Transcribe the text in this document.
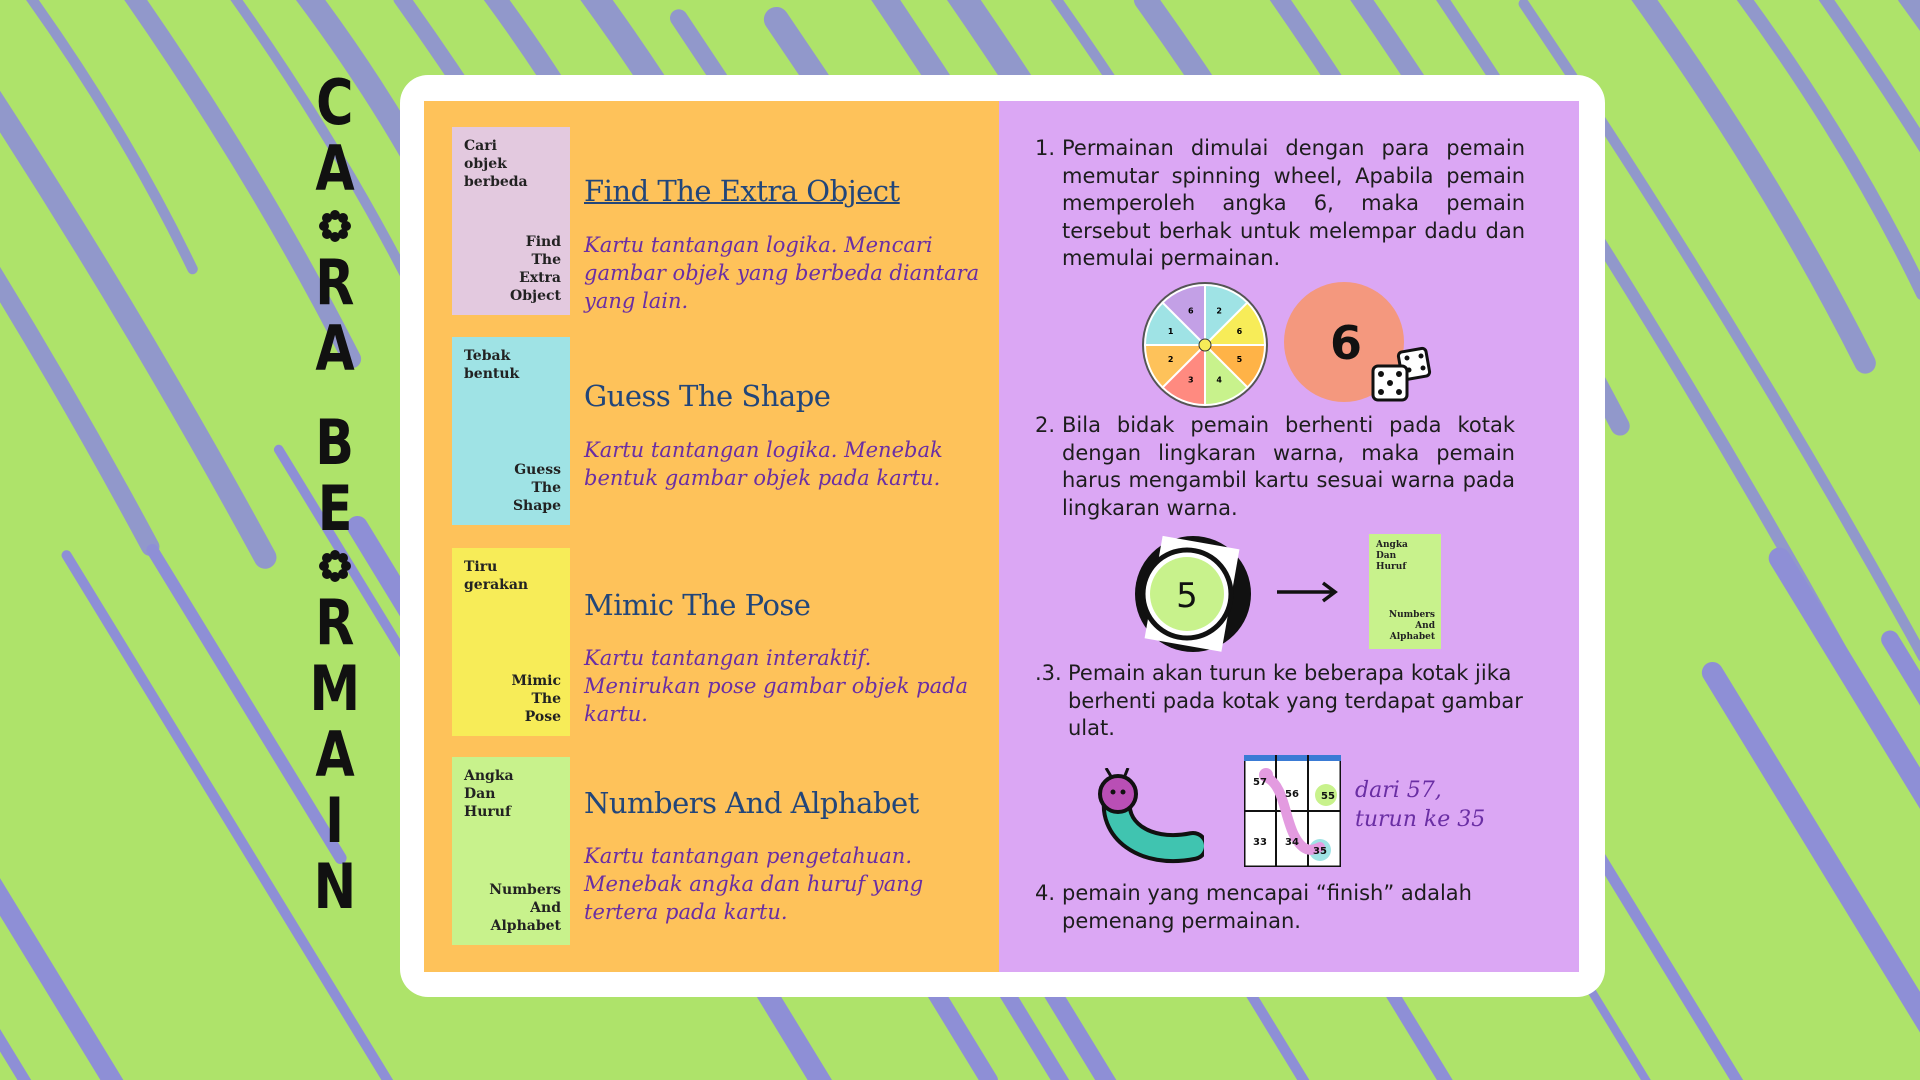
C
A
R
A
B
E
R
M
A
I
N
Cari
objek
berbeda
Find
The
Extra
Object
Find The Extra Object
Kartu tantangan logika. Mencari gambar objek yang berbeda diantara yang lain.
Tebak
bentuk
Guess
The
Shape
Guess The Shape
Kartu tantangan logika. Menebak bentuk gambar objek pada kartu.
Tiru
gerakan
Mimic
The
Pose
Mimic The Pose
Kartu tantangan interaktif. Menirukan pose gambar objek pada kartu.
Angka
Dan
Huruf
Numbers
And
Alphabet
Numbers And Alphabet
Kartu tantangan pengetahuan. Menebak angka dan huruf yang tertera pada kartu.
1. Permainan dimulai dengan para pemain memutar spinning wheel, Apabila pemain memperoleh angka 6, maka pemain tersebut berhak untuk melempar dadu dan memulai permainan.
2
6
5
4
3
2
1
6
6
2. Bila bidak pemain berhenti pada kotak dengan lingkaran warna, maka pemain harus mengambil kartu sesuai warna pada lingkaran warna.
5
Angka
Dan
Huruf
Numbers
And
Alphabet
.3. Pemain akan turun ke beberapa kotak jika berhenti pada kotak yang terdapat gambar ulat.
57
56 55
33 34
35
dari 57,
turun ke 35
4. pemain yang mencapai “finish” adalah pemenang permainan.
